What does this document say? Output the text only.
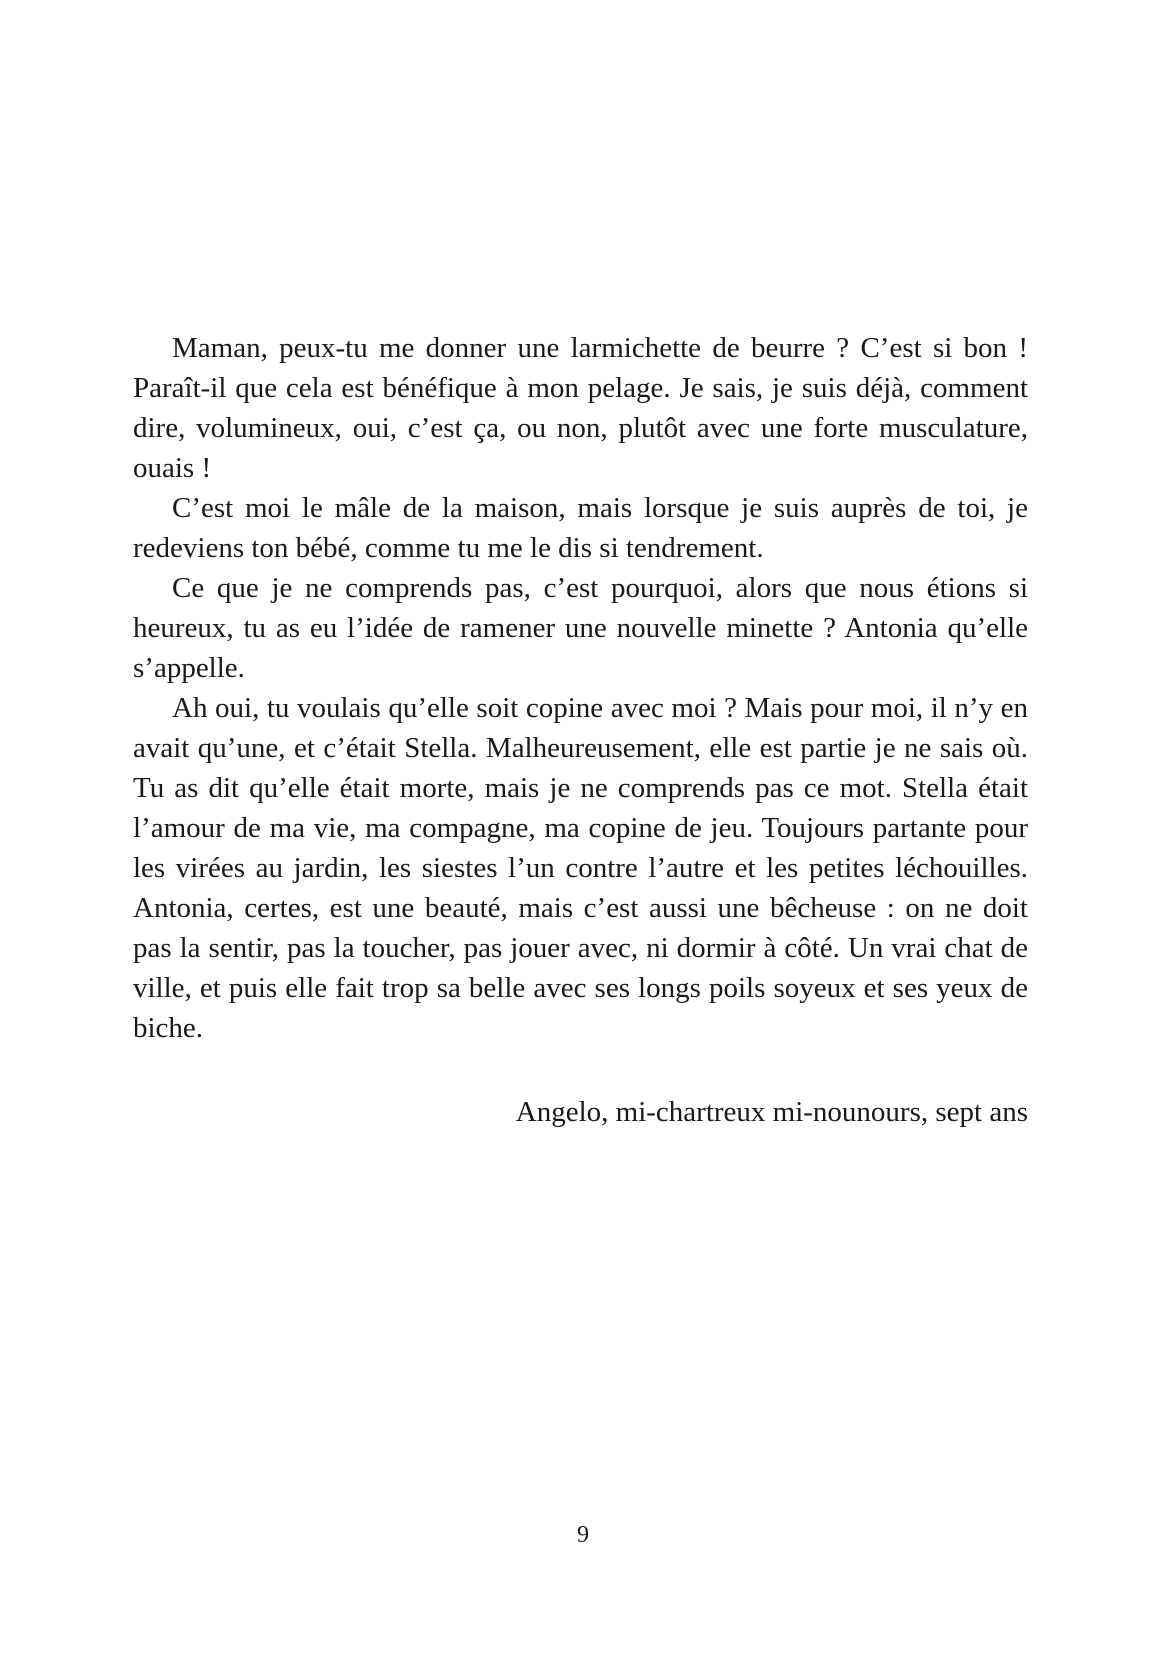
Maman, peux-tu me donner une larmichette de beurre ? C’est si bon ! Paraît-il que cela est bénéfique à mon pelage. Je sais, je suis déjà, comment dire, volumineux, oui, c’est ça, ou non, plutôt avec une forte musculature, ouais !

C’est moi le mâle de la maison, mais lorsque je suis auprès de toi, je redeviens ton bébé, comme tu me le dis si tendrement.

Ce que je ne comprends pas, c’est pourquoi, alors que nous étions si heureux, tu as eu l’idée de ramener une nouvelle minette ? Antonia qu’elle s’appelle.

Ah oui, tu voulais qu’elle soit copine avec moi ? Mais pour moi, il n’y en avait qu’une, et c’était Stella. Malheureusement, elle est partie je ne sais où. Tu as dit qu’elle était morte, mais je ne comprends pas ce mot. Stella était l’amour de ma vie, ma compagne, ma copine de jeu. Toujours partante pour les virées au jardin, les siestes l’un contre l’autre et les petites léchouilles. Antonia, certes, est une beauté, mais c’est aussi une bêcheuse : on ne doit pas la sentir, pas la toucher, pas jouer avec, ni dormir à côté. Un vrai chat de ville, et puis elle fait trop sa belle avec ses longs poils soyeux et ses yeux de biche.

Angelo, mi-chartreux mi-nounours, sept ans
9
